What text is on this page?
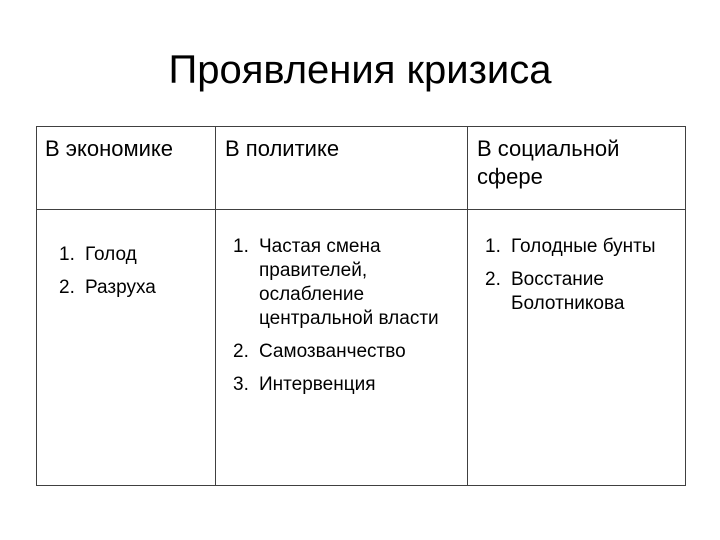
Проявления кризиса
В экономике	В политике	В социальной сфере
1. Голод
2. Разруха
1. Частая смена правителей, ослабление центральной власти
2. Самозванчество
3. Интервенция
1. Голодные бунты
2. Восстание Болотникова
